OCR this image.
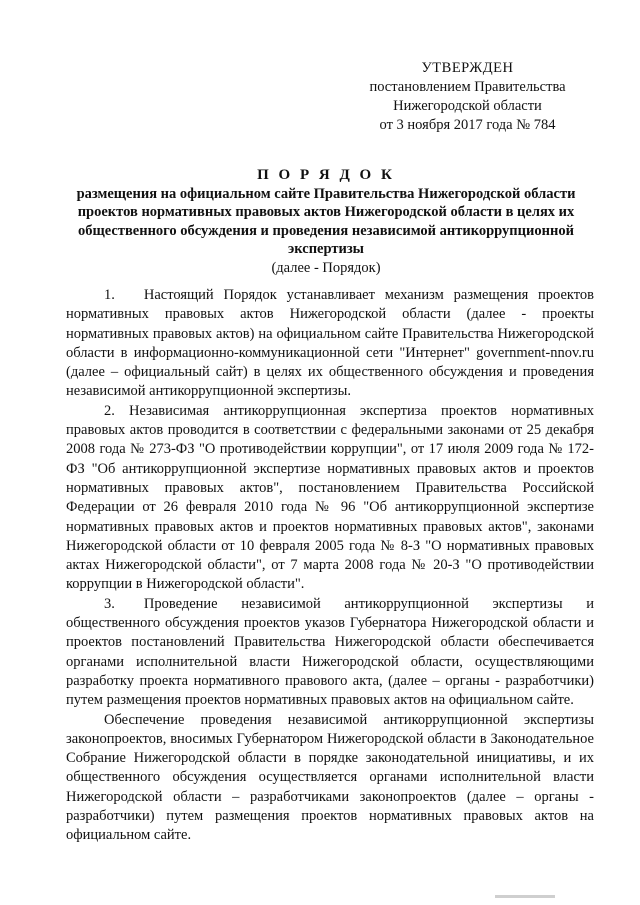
УТВЕРЖДЕН
постановлением Правительства
Нижегородской области
от 3 ноября 2017 года № 784
П О Р Я Д О К
размещения на официальном сайте Правительства Нижегородской области проектов нормативных правовых актов Нижегородской области в целях их общественного обсуждения и проведения независимой антикоррупционной экспертизы
(далее - Порядок)

1.  Настоящий Порядок устанавливает механизм размещения проектов нормативных правовых актов Нижегородской области (далее - проекты нормативных правовых актов) на официальном сайте Правительства Нижегородской области в информационно-коммуникационной сети "Интернет" government-nnov.ru (далее – официальный сайт) в целях их общественного обсуждения и проведения независимой антикоррупционной экспертизы.

2. Независимая антикоррупционная экспертиза проектов нормативных правовых актов проводится в соответствии с федеральными законами от 25 декабря 2008 года № 273-ФЗ "О противодействии коррупции", от 17 июля 2009 года № 172-ФЗ "Об антикоррупционной экспертизе нормативных правовых актов и проектов нормативных правовых актов", постановлением Правительства Российской Федерации от 26 февраля 2010 года № 96 "Об антикоррупционной экспертизе нормативных правовых актов и проектов нормативных правовых актов", законами Нижегородской области от 10 февраля 2005 года № 8-З "О нормативных правовых актах Нижегородской области", от 7 марта 2008 года № 20-З "О противодействии коррупции в Нижегородской области".

3.  Проведение независимой антикоррупционной экспертизы и общественного обсуждения проектов указов Губернатора Нижегородской области и проектов постановлений Правительства Нижегородской области обеспечивается органами исполнительной власти Нижегородской области, осуществляющими разработку проекта нормативного правового акта, (далее – органы - разработчики) путем размещения проектов нормативных правовых актов на официальном сайте.

Обеспечение проведения независимой антикоррупционной экспертизы законопроектов, вносимых Губернатором Нижегородской области в Законодательное Собрание Нижегородской области в порядке законодательной инициативы, и их общественного обсуждения осуществляется органами исполнительной власти Нижегородской области – разработчиками законопроектов (далее – органы - разработчики) путем размещения проектов нормативных правовых актов на официальном сайте.
